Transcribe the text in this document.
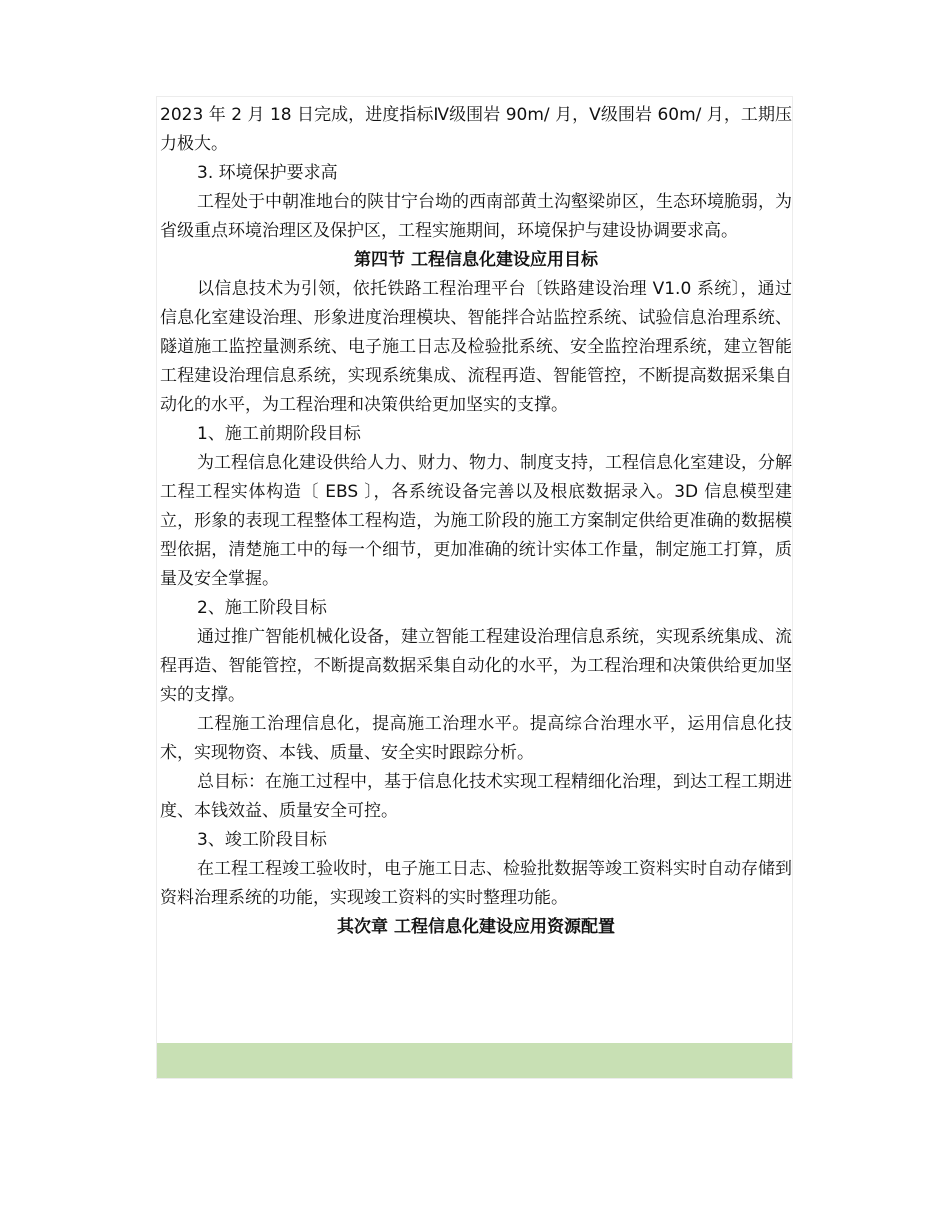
2023 年 2 月 18 日完成，进度指标Ⅳ级围岩 90m/ 月，Ⅴ级围岩 60m/ 月，工期压力极大。

3. 环境保护要求高

工程处于中朝准地台的陕甘宁台坳的西南部黄土沟壑梁峁区，生态环境脆弱，为省级重点环境治理区及保护区，工程实施期间，环境保护与建设协调要求高。

第四节 工程信息化建设应用目标

以信息技术为引领，依托铁路工程治理平台〔铁路建设治理 V1.0 系统〕，通过信息化室建设治理、形象进度治理模块、智能拌合站监控系统、试验信息治理系统、隧道施工监控量测系统、电子施工日志及检验批系统、安全监控治理系统，建立智能工程建设治理信息系统，实现系统集成、流程再造、智能管控，不断提高数据采集自动化的水平，为工程治理和决策供给更加坚实的支撑。

1、施工前期阶段目标

为工程信息化建设供给人力、财力、物力、制度支持，工程信息化室建设，分解工程工程实体构造〔 EBS 〕，各系统设备完善以及根底数据录入。3D 信息模型建立，形象的表现工程整体工程构造，为施工阶段的施工方案制定供给更准确的数据模型依据，清楚施工中的每一个细节，更加准确的统计实体工作量，制定施工打算，质量及安全掌握。

2、施工阶段目标

通过推广智能机械化设备，建立智能工程建设治理信息系统，实现系统集成、流程再造、智能管控，不断提高数据采集自动化的水平，为工程治理和决策供给更加坚实的支撑。

工程施工治理信息化，提高施工治理水平。提高综合治理水平，运用信息化技术，实现物资、本钱、质量、安全实时跟踪分析。

总目标：在施工过程中，基于信息化技术实现工程精细化治理，到达工程工期进度、本钱效益、质量安全可控。

3、竣工阶段目标

在工程工程竣工验收时，电子施工日志、检验批数据等竣工资料实时自动存储到资料治理系统的功能，实现竣工资料的实时整理功能。

其次章 工程信息化建设应用资源配置
